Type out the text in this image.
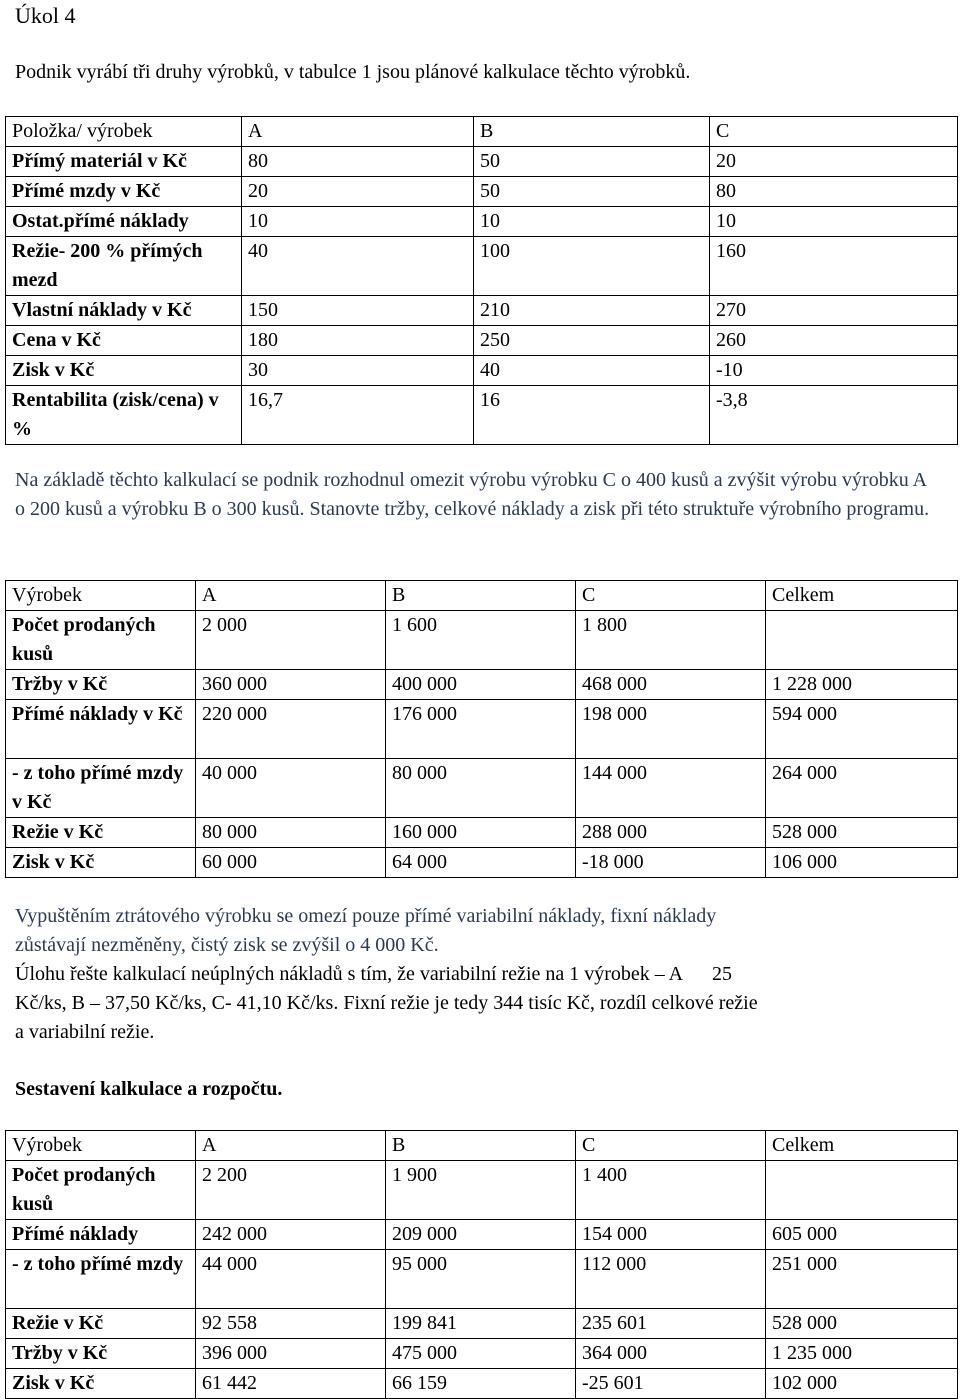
Úkol 4

Podnik vyrábí tři druhy výrobků, v tabulce 1 jsou plánové kalkulace těchto výrobků.

Položka/ výrobek	A	B	C
Přímý materiál v Kč	80	50	20
Přímé mzdy v Kč	20	50	80
Ostat.přímé náklady	10	10	10
Režie- 200 % přímých mezd	40	100	160
Vlastní náklady v Kč	150	210	270
Cena v Kč	180	250	260
Zisk v Kč	30	40	-10
Rentabilita (zisk/cena) v %	16,7	16	-3,8

Na základě těchto kalkulací se podnik rozhodnul omezit výrobu výrobku C o 400 kusů a zvýšit výrobu výrobku A o 200 kusů a výrobku B o 300 kusů. Stanovte tržby, celkové náklady a zisk při této struktuře výrobního programu.

Výrobek	A	B	C	Celkem
Počet prodaných kusů	2 000	1 600	1 800	
Tržby v Kč	360 000	400 000	468 000	1 228 000
Přímé náklady v Kč	220 000	176 000	198 000	594 000
- z toho přímé mzdy v Kč	40 000	80 000	144 000	264 000
Režie v Kč	80 000	160 000	288 000	528 000
Zisk v Kč	60 000	64 000	-18 000	106 000
Vypuštěním ztrátového výrobku se omezí pouze přímé variabilní náklady, fixní náklady
zůstávají nezměněny, čistý zisk se zvýšil o 4 000 Kč.
Úlohu řešte kalkulací neúplných nákladů s tím, že variabilní režie na 1 výrobek – A      25
Kč/ks, B – 37,50 Kč/ks, C- 41,10 Kč/ks. Fixní režie je tedy 344 tisíc Kč, rozdíl celkové režie
a variabilní režie.
Sestavení kalkulace a rozpočtu.
Výrobek	A	B	C	Celkem
Počet prodaných kusů	2 200	1 900	1 400	
Přímé náklady	242 000	209 000	154 000	605 000
- z toho přímé mzdy	44 000	95 000	112 000	251 000
Režie v Kč	92 558	199 841	235 601	528 000
Tržby v Kč	396 000	475 000	364 000	1 235 000
Zisk v Kč	61 442	66 159	-25 601	102 000
